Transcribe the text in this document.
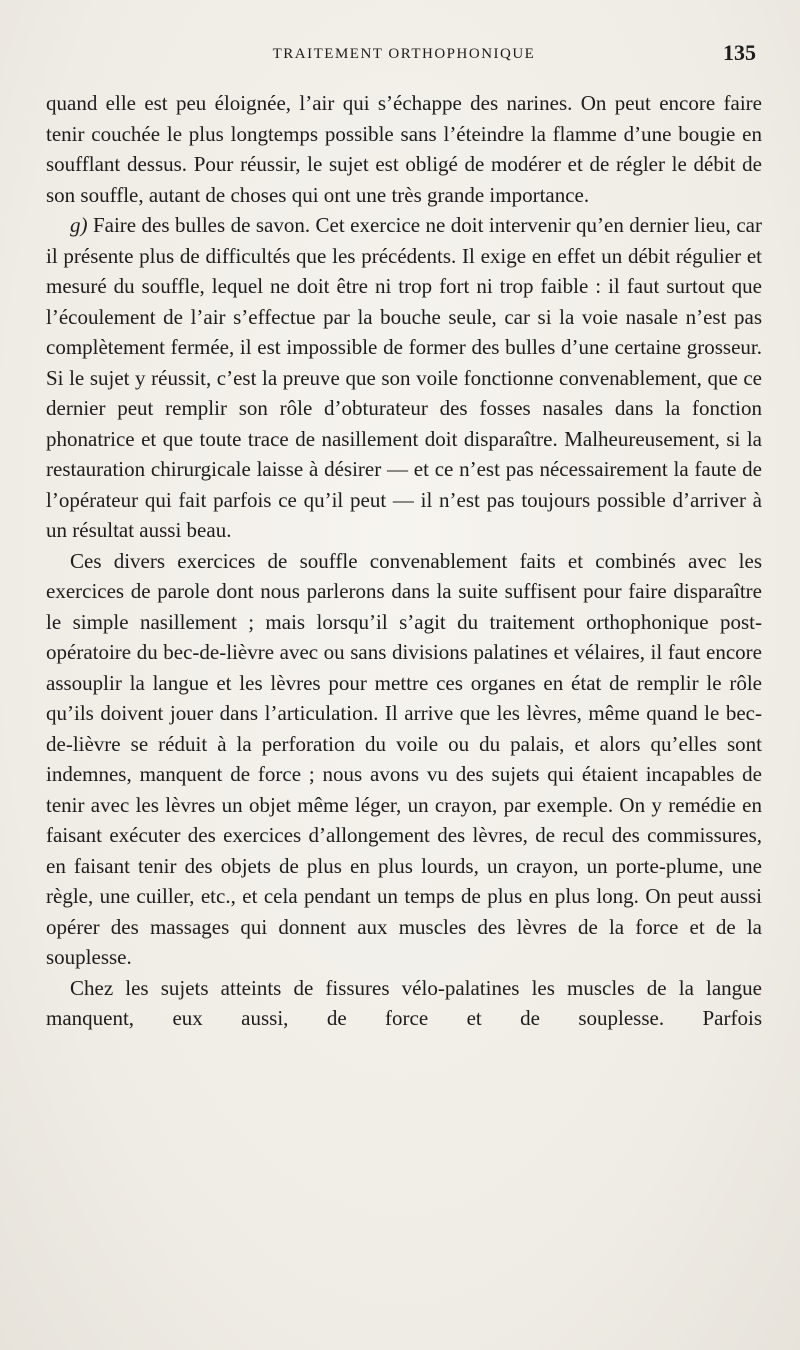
TRAITEMENT ORTHOPHONIQUE	135

quand elle est peu éloignée, l’air qui s’échappe des narines. On peut encore faire tenir couchée le plus longtemps possible sans l’éteindre la flamme d’une bougie en soufflant dessus. Pour réussir, le sujet est obligé de modérer et de régler le débit de son souffle, autant de choses qui ont une très grande importance.

g) Faire des bulles de savon. Cet exercice ne doit intervenir qu’en dernier lieu, car il présente plus de difficultés que les précédents. Il exige en effet un débit régulier et mesuré du souffle, lequel ne doit être ni trop fort ni trop faible : il faut surtout que l’écoulement de l’air s’effectue par la bouche seule, car si la voie nasale n’est pas complètement fermée, il est impossible de former des bulles d’une certaine grosseur. Si le sujet y réussit, c’est la preuve que son voile fonctionne convenablement, que ce dernier peut remplir son rôle d’obturateur des fosses nasales dans la fonction phonatrice et que toute trace de nasillement doit disparaître. Malheureusement, si la restauration chirurgicale laisse à désirer — et ce n’est pas nécessairement la faute de l’opérateur qui fait parfois ce qu’il peut — il n’est pas toujours possible d’arriver à un résultat aussi beau.

Ces divers exercices de souffle convenablement faits et combinés avec les exercices de parole dont nous parlerons dans la suite suffisent pour faire disparaître le simple nasillement ; mais lorsqu’il s’agit du traitement orthophonique post-opératoire du bec-de-lièvre avec ou sans divisions palatines et vélaires, il faut encore assouplir la langue et les lèvres pour mettre ces organes en état de remplir le rôle qu’ils doivent jouer dans l’articulation. Il arrive que les lèvres, même quand le bec-de-lièvre se réduit à la perforation du voile ou du palais, et alors qu’elles sont indemnes, manquent de force ; nous avons vu des sujets qui étaient incapables de tenir avec les lèvres un objet même léger, un crayon, par exemple. On y remédie en faisant exécuter des exercices d’allongement des lèvres, de recul des commissures, en faisant tenir des objets de plus en plus lourds, un crayon, un porte-plume, une règle, une cuiller, etc., et cela pendant un temps de plus en plus long. On peut aussi opérer des massages qui donnent aux muscles des lèvres de la force et de la souplesse.

Chez les sujets atteints de fissures vélo-palatines les muscles de la langue manquent, eux aussi, de force et de souplesse. Parfois
